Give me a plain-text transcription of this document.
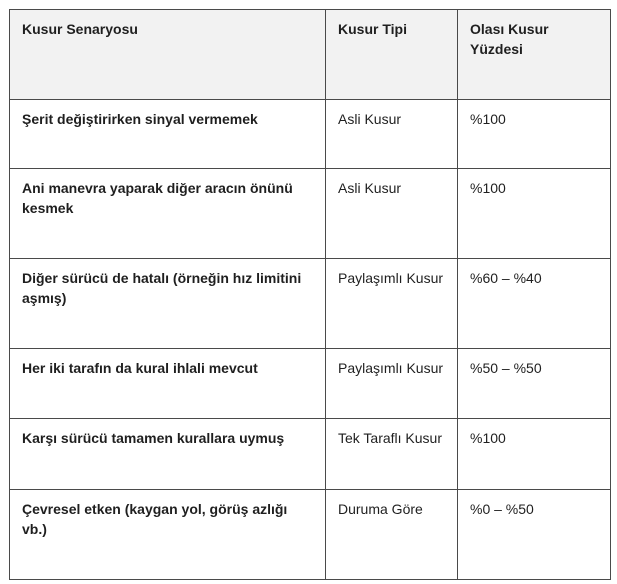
Kusur Senaryosu	Kusur Tipi	Olası Kusur Yüzdesi
Şerit değiştirirken sinyal vermemek	Asli Kusur	%100
Ani manevra yaparak diğer aracın önünü kesmek	Asli Kusur	%100
Diğer sürücü de hatalı (örneğin hız limitini aşmış)	Paylaşımlı Kusur	%60 – %40
Her iki tarafın da kural ihlali mevcut	Paylaşımlı Kusur	%50 – %50
Karşı sürücü tamamen kurallara uymuş	Tek Taraflı Kusur	%100
Çevresel etken (kaygan yol, görüş azlığı vb.)	Duruma Göre	%0 – %50
